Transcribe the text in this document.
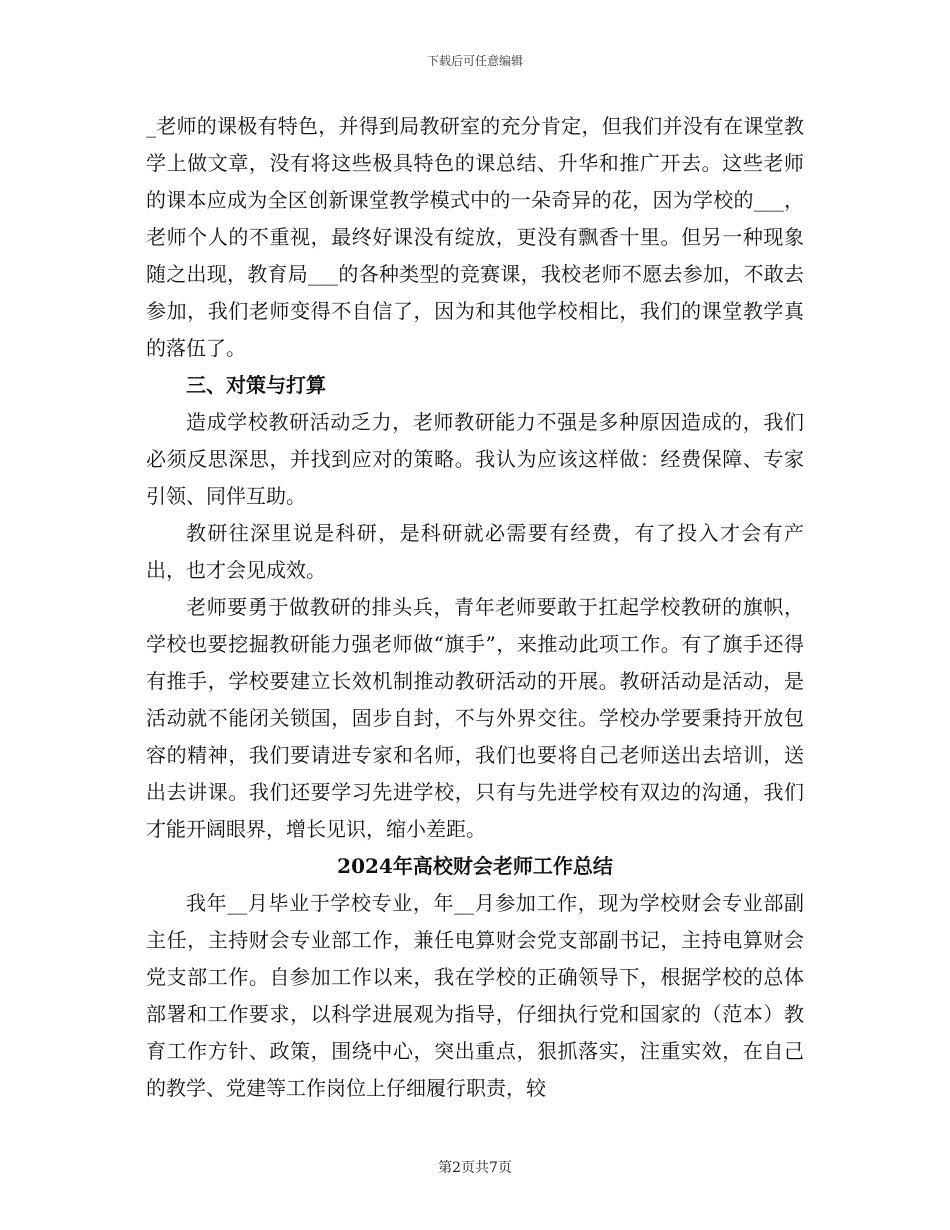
下载后可任意编辑

_老师的课极有特色，并得到局教研室的充分肯定，但我们并没有在课堂教学上做文章，没有将这些极具特色的课总结、升华和推广开去。这些老师的课本应成为全区创新课堂教学模式中的一朵奇异的花，因为学校的___，老师个人的不重视，最终好课没有绽放，更没有飘香十里。但另一种现象随之出现，教育局___的各种类型的竞赛课，我校老师不愿去参加，不敢去参加，我们老师变得不自信了，因为和其他学校相比，我们的课堂教学真的落伍了。

三、对策与打算

造成学校教研活动乏力，老师教研能力不强是多种原因造成的，我们必须反思深思，并找到应对的策略。我认为应该这样做：经费保障、专家引领、同伴互助。

教研往深里说是科研，是科研就必需要有经费，有了投入才会有产出，也才会见成效。

老师要勇于做教研的排头兵，青年老师要敢于扛起学校教研的旗帜，学校也要挖掘教研能力强老师做“旗手”，来推动此项工作。有了旗手还得有推手，学校要建立长效机制推动教研活动的开展。教研活动是活动，是活动就不能闭关锁国，固步自封，不与外界交往。学校办学要秉持开放包容的精神，我们要请进专家和名师，我们也要将自己老师送出去培训，送出去讲课。我们还要学习先进学校，只有与先进学校有双边的沟通，我们才能开阔眼界，增长见识，缩小差距。

2024年高校财会老师工作总结

我年__月毕业于学校专业，年__月参加工作，现为学校财会专业部副主任，主持财会专业部工作，兼任电算财会党支部副书记，主持电算财会党支部工作。自参加工作以来，我在学校的正确领导下，根据学校的总体部署和工作要求，以科学进展观为指导，仔细执行党和国家的（范本）教育工作方针、政策，围绕中心，突出重点，狠抓落实，注重实效，在自己的教学、党建等工作岗位上仔细履行职责，较

第2页共7页
